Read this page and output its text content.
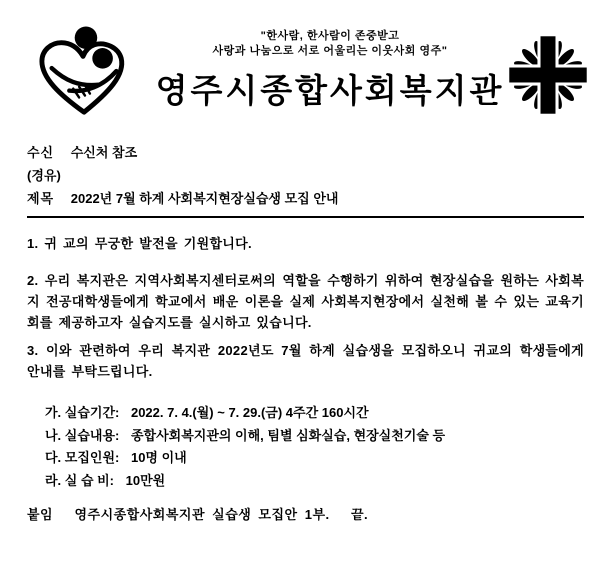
"한사람, 한사람이 존중받고
사랑과 나눔으로 서로 어울리는 이웃사회 영주"
영주시종합사회복지관
수신 수신처 참조
(경유)
제목 2022년 7월 하계 사회복지현장실습생 모집 안내
1. 귀 교의 무궁한 발전을 기원합니다.
2. 우리 복지관은 지역사회복지센터로써의 역할을 수행하기 위하여 현장실습을 원하는 사회복지 전공대학생들에게 학교에서 배운 이론을 실제 사회복지현장에서 실천해 볼 수 있는 교육기회를 제공하고자 실습지도를 실시하고 있습니다.
3. 이와 관련하여 우리 복지관 2022년도 7월 하계 실습생을 모집하오니 귀교의 학생들에게 안내를 부탁드립니다.
가. 실습기간: 2022. 7. 4.(월) ~ 7. 29.(금) 4주간 160시간
나. 실습내용: 종합사회복지관의 이해, 팀별 심화실습, 현장실천기술 등
다. 모집인원: 10명 이내
라. 실 습 비: 10만원
붙임   영주시종합사회복지관 실습생 모집안 1부.   끝.
